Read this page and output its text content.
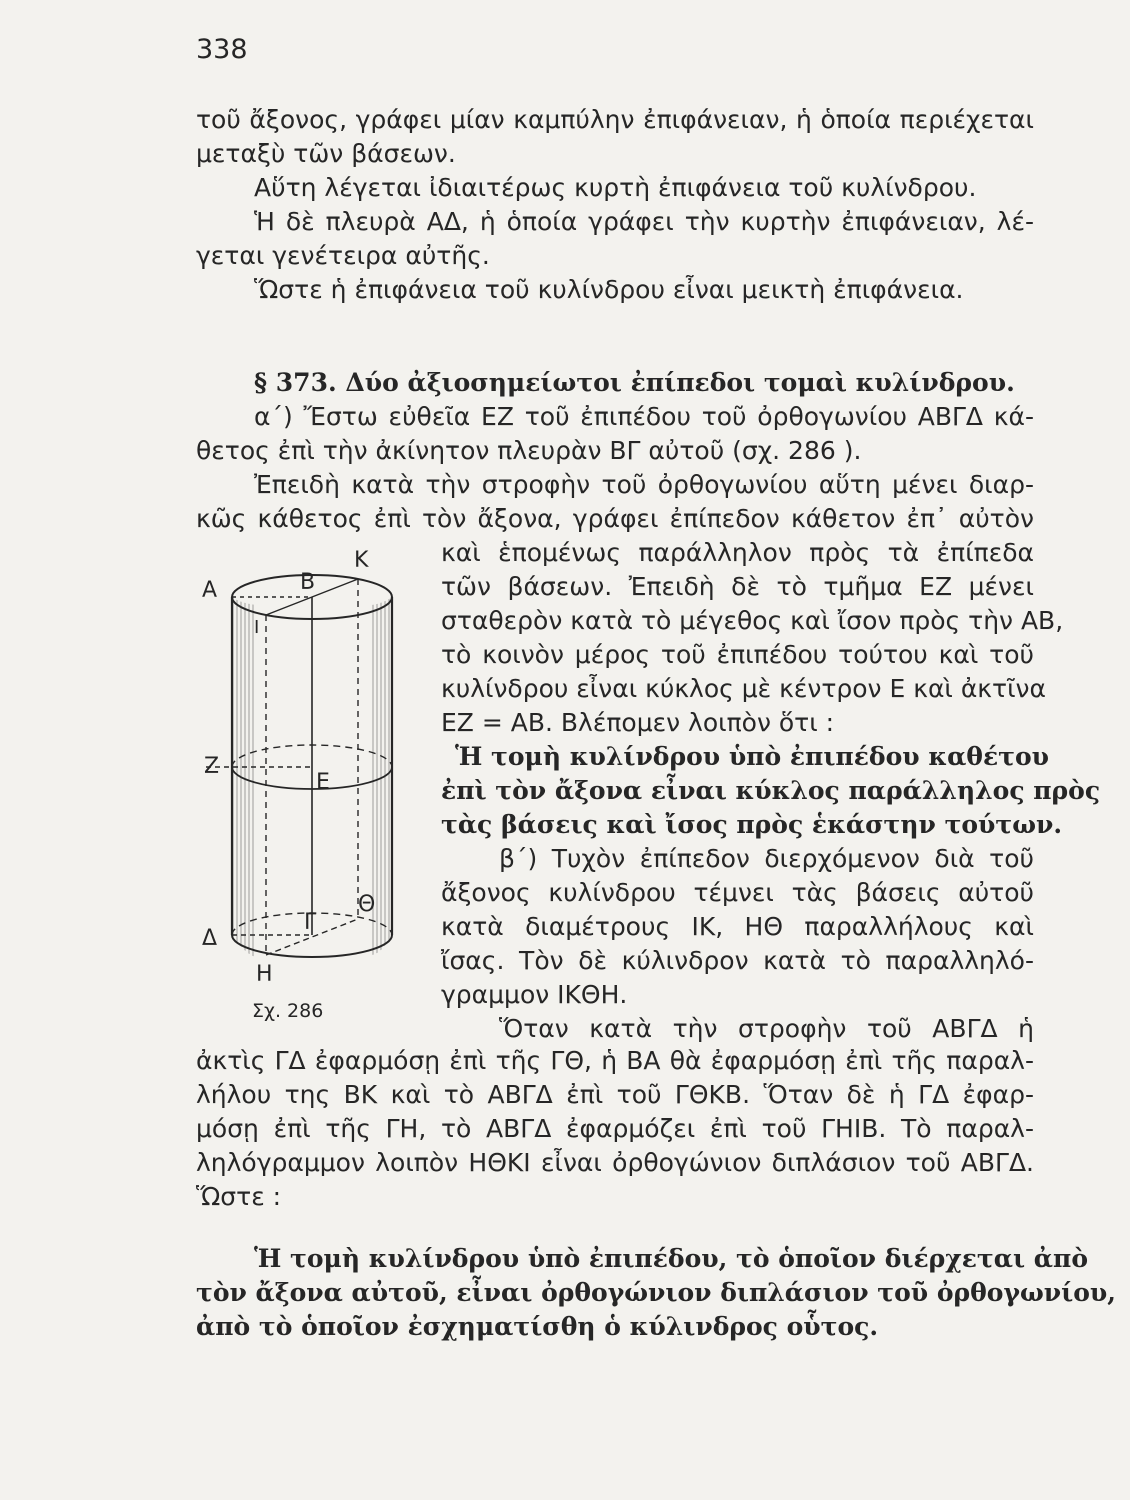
338
τοῦ ἄξονος, γράφει μίαν καμπύλην ἐπιφάνειαν, ἡ ὁποία περιέχεται
μεταξὺ τῶν βάσεων.
Αὕτη λέγεται ἰδιαιτέρως κυρτὴ ἐπιφάνεια τοῦ κυλίνδρου.
Ἡ δὲ πλευρὰ ΑΔ, ἡ ὁποία γράφει τὴν κυρτὴν ἐπιφάνειαν, λέ-
γεται γενέτειρα αὐτῆς.
Ὥστε ἡ ἐπιφάνεια τοῦ κυλίνδρου εἶναι μεικτὴ ἐπιφάνεια.
§ 373. Δύο ἀξιοσημείωτοι ἐπίπεδοι τομαὶ κυλίνδρου.
α΄) Ἔστω εὐθεῖα ΕΖ τοῦ ἐπιπέδου τοῦ ὀρθογωνίου ΑΒΓΔ κά-
θετος ἐπὶ τὴν ἀκίνητον πλευρὰν ΒΓ αὐτοῦ (σχ. 286 ).
Ἐπειδὴ κατὰ τὴν στροφὴν τοῦ ὀρθογωνίου αὕτη μένει διαρ-
κῶς κάθετος ἐπὶ τὸν ἄξονα, γράφει ἐπίπεδον κάθετον ἐπ᾽ αὐτὸν
καὶ ἑπομένως παράλληλον πρὸς τὰ ἐπίπεδα
τῶν βάσεων. Ἐπειδὴ δὲ τὸ τμῆμα ΕΖ μένει
σταθερὸν κατὰ τὸ μέγεθος καὶ ἴσον πρὸς τὴν ΑΒ,
τὸ κοινὸν μέρος τοῦ ἐπιπέδου τούτου καὶ τοῦ
κυλίνδρου εἶναι κύκλος μὲ κέντρον Ε καὶ ἀκτῖνα
ΕΖ = ΑΒ. Βλέπομεν λοιπὸν ὅτι :
Ἡ τομὴ κυλίνδρου ὑπὸ ἐπιπέδου καθέτου
ἐπὶ τὸν ἄξονα εἶναι κύκλος παράλληλος πρὸς
τὰς βάσεις καὶ ἴσος πρὸς ἑκάστην τούτων.
β΄) Τυχὸν ἐπίπεδον διερχόμενον διὰ τοῦ
ἄξονος κυλίνδρου τέμνει τὰς βάσεις αὐτοῦ
κατὰ διαμέτρους ΙΚ, ΗΘ παραλλήλους καὶ
ἴσας. Τὸν δὲ κύλινδρον κατὰ τὸ παραλληλό-
γραμμον ΙΚΘΗ.
Ὅταν κατὰ τὴν στροφὴν τοῦ ΑΒΓΔ ἡ
Α	Β
Κ
Ι
Ζ
Ε
Θ
Δ
Γ
Η
Σχ. 286
ἀκτὶς ΓΔ ἐφαρμόσῃ ἐπὶ τῆς ΓΘ, ἡ ΒΑ θὰ ἐφαρμόσῃ ἐπὶ τῆς παραλ-
λήλου της ΒΚ καὶ τὸ ΑΒΓΔ ἐπὶ τοῦ ΓΘΚΒ. Ὅταν δὲ ἡ ΓΔ ἐφαρ-
μόσῃ ἐπὶ τῆς ΓΗ, τὸ ΑΒΓΔ ἐφαρμόζει ἐπὶ τοῦ ΓΗΙΒ. Τὸ παραλ-
ληλόγραμμον λοιπὸν ΗΘΚΙ εἶναι ὀρθογώνιον διπλάσιον τοῦ ΑΒΓΔ.
Ὥστε :
Ἡ τομὴ κυλίνδρου ὑπὸ ἐπιπέδου, τὸ ὁποῖον διέρχεται ἀπὸ
τὸν ἄξονα αὐτοῦ, εἶναι ὀρθογώνιον διπλάσιον τοῦ ὀρθογωνίου,
ἀπὸ τὸ ὁποῖον ἐσχηματίσθη ὁ κύλινδρος οὗτος.
